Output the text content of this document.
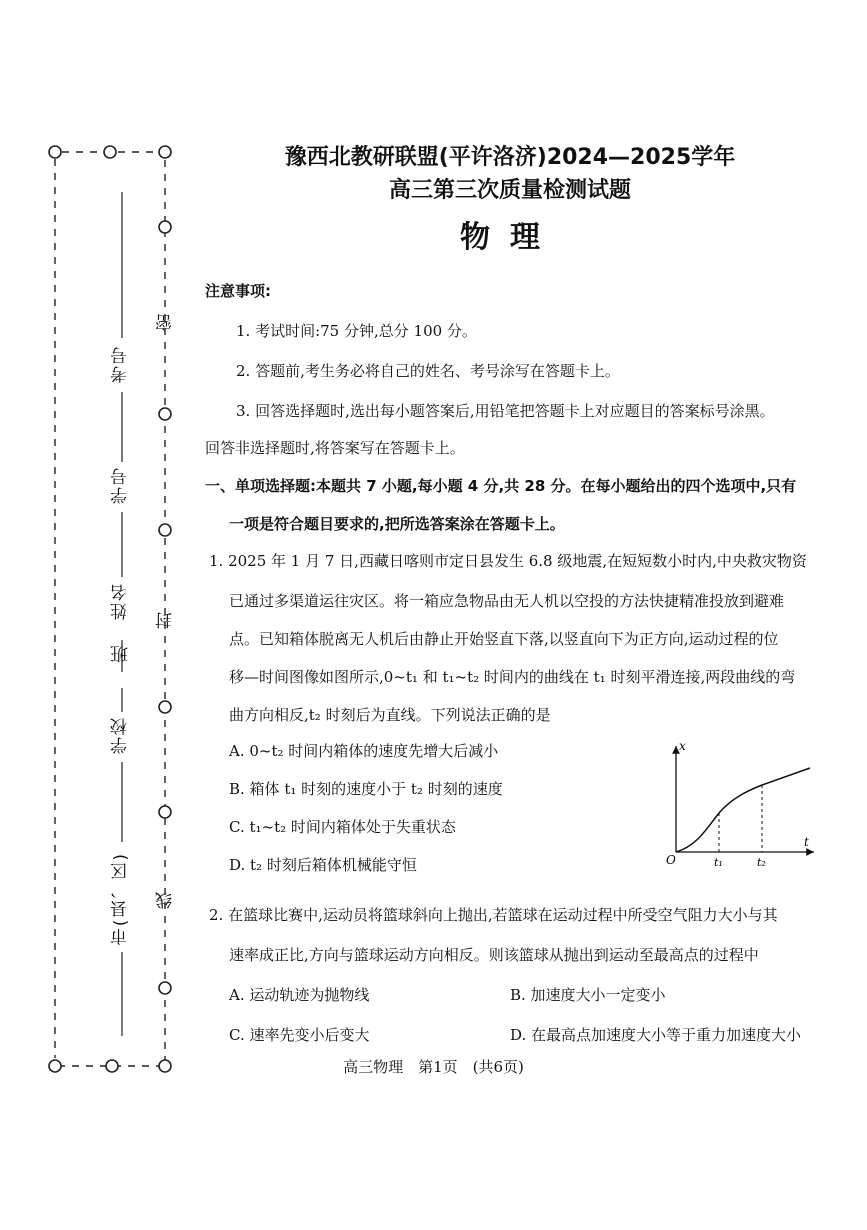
考号
学号
姓名
班
学校
市(县、区)
密
封
线
豫西北教研联盟(平许洛济)2024—2025学年
高三第三次质量检测试题
物理
注意事项:
1. 考试时间:75 分钟,总分 100 分。
2. 答题前,考生务必将自己的姓名、考号涂写在答题卡上。
3. 回答选择题时,选出每小题答案后,用铅笔把答题卡上对应题目的答案标号涂黑。
回答非选择题时,将答案写在答题卡上。
一、单项选择题:本题共 7 小题,每小题 4 分,共 28 分。在每小题给出的四个选项中,只有
一项是符合题目要求的,把所选答案涂在答题卡上。
1. 2025 年 1 月 7 日,西藏日喀则市定日县发生 6.8 级地震,在短短数小时内,中央救灾物资
已通过多渠道运往灾区。将一箱应急物品由无人机以空投的方法快捷精准投放到避难
点。已知箱体脱离无人机后由静止开始竖直下落,以竖直向下为正方向,运动过程的位
移—时间图像如图所示,0~t₁ 和 t₁~t₂ 时间内的曲线在 t₁ 时刻平滑连接,两段曲线的弯
曲方向相反,t₂ 时刻后为直线。下列说法正确的是
A. 0~t₂ 时间内箱体的速度先增大后减小
B. 箱体 t₁ 时刻的速度小于 t₂ 时刻的速度
C. t₁~t₂ 时间内箱体处于失重状态
D. t₂ 时刻后箱体机械能守恒
x
t
O	t₁	t₂
2. 在篮球比赛中,运动员将篮球斜向上抛出,若篮球在运动过程中所受空气阻力大小与其
速率成正比,方向与篮球运动方向相反。则该篮球从抛出到运动至最高点的过程中
A. 运动轨迹为抛物线	B. 加速度大小一定变小
C. 速率先变小后变大	D. 在最高点加速度大小等于重力加速度大小
高三物理　第1页　(共6页)
